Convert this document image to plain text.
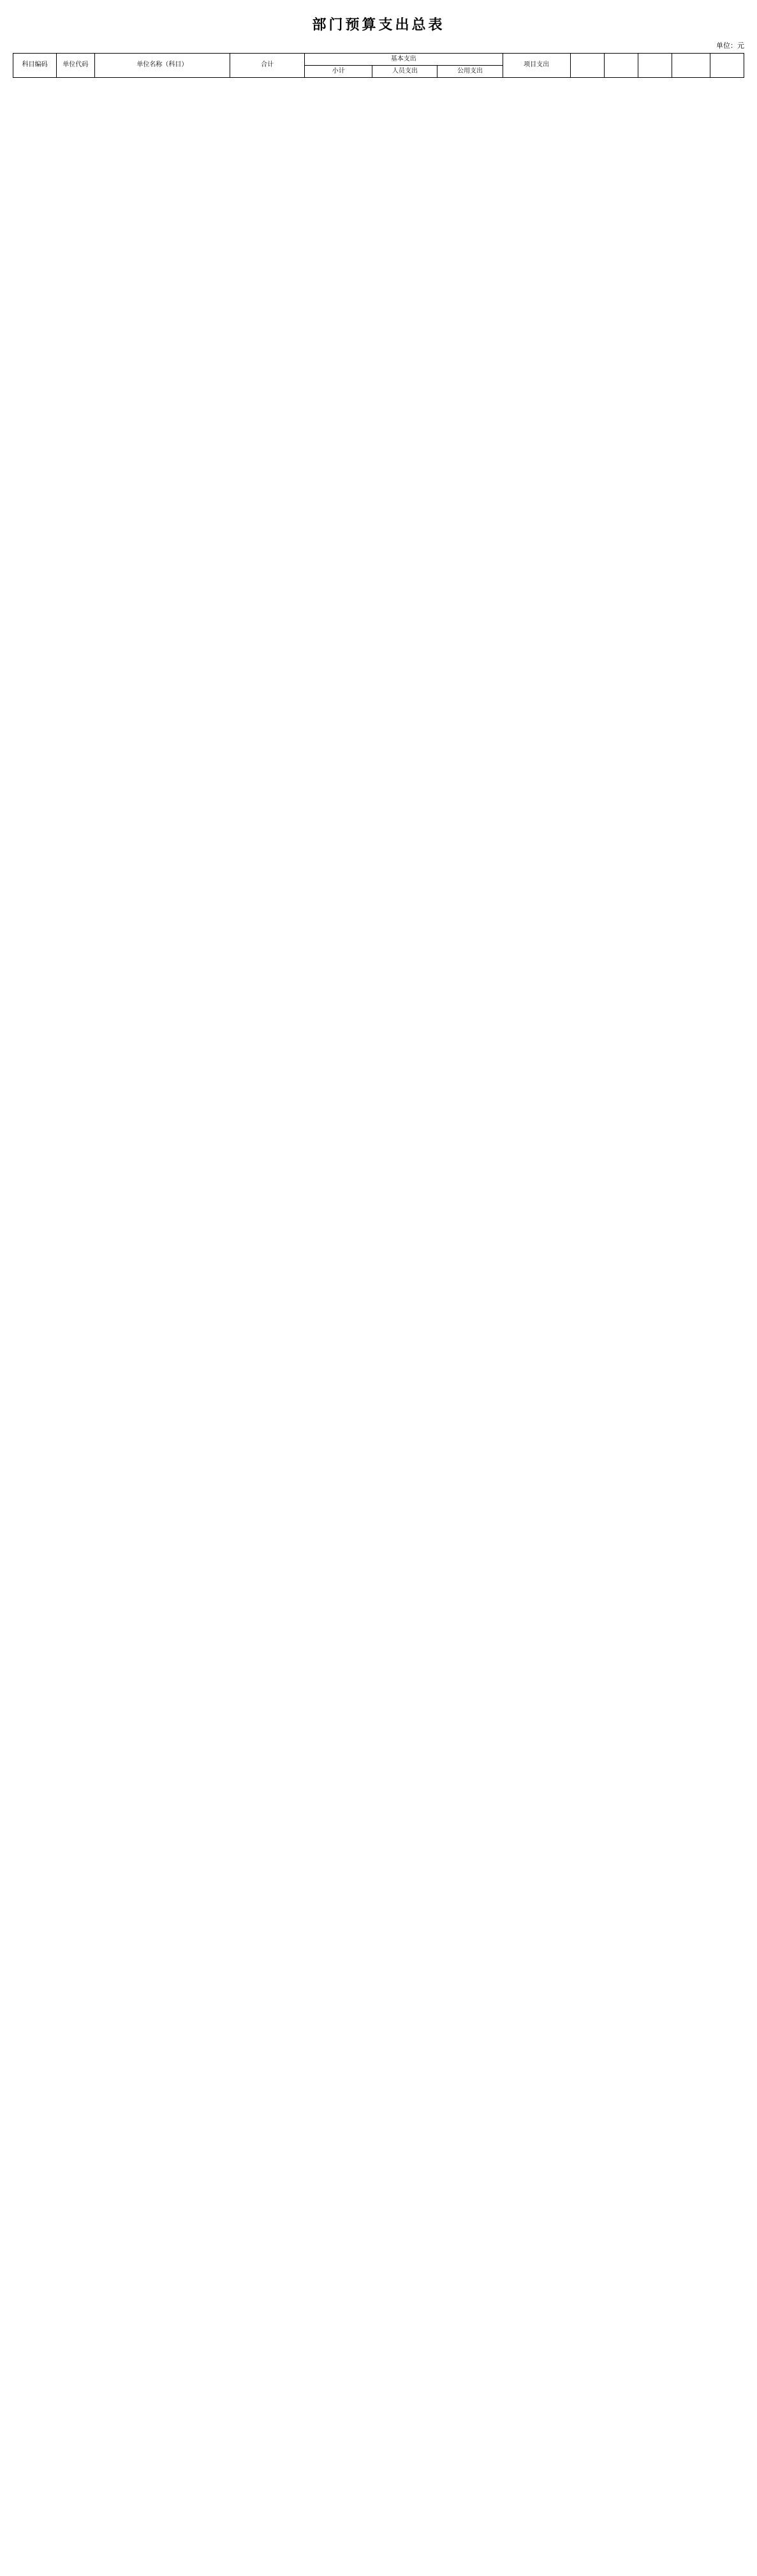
部门预算支出总表
单位：元
科目编码	单位代码	单位名称（科目）	合计	基本支出			项目支出					
				小计	人员支出	公用支出						
